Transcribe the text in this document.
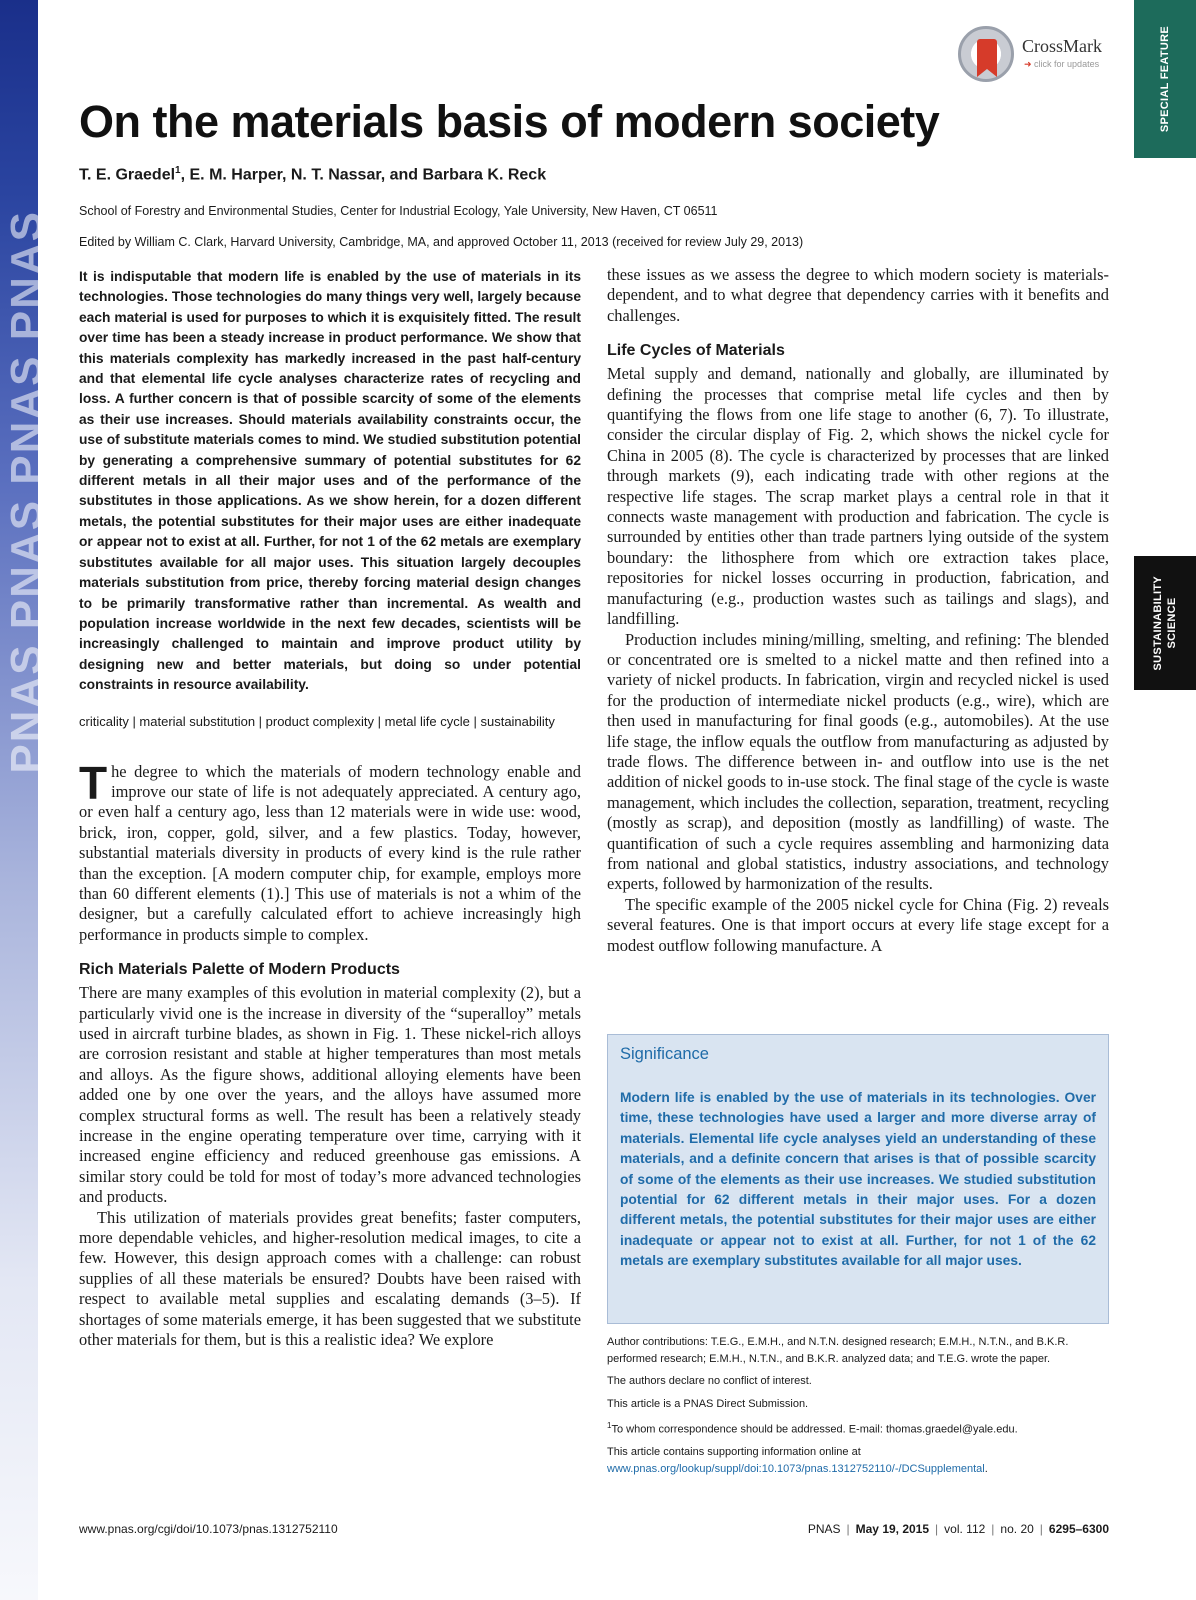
PNAS PNAS PNAS PNAS
SPECIAL FEATURE
SUSTAINABILITY SCIENCE
CrossMark
➜ click for updates
On the materials basis of modern society
T. E. Graedel$^1$, E. M. Harper, N. T. Nassar, and Barbara K. Reck
School of Forestry and Environmental Studies, Center for Industrial Ecology, Yale University, New Haven, CT 06511
Edited by William C. Clark, Harvard University, Cambridge, MA, and approved October 11, 2013 (received for review July 29, 2013)

It is indisputable that modern life is enabled by the use of materials in its technologies. Those technologies do many things very well, largely because each material is used for purposes to which it is exquisitely fitted. The result over time has been a steady increase in product performance. We show that this materials complexity has markedly increased in the past half-century and that elemental life cycle analyses characterize rates of recycling and loss. A further concern is that of possible scarcity of some of the elements as their use increases. Should materials availability constraints occur, the use of substitute materials comes to mind. We studied substitution potential by generating a comprehensive summary of potential substitutes for 62 different metals in all their major uses and of the performance of the substitutes in those applications. As we show herein, for a dozen different metals, the potential substitutes for their major uses are either inadequate or appear not to exist at all. Further, for not 1 of the 62 metals are exemplary substitutes available for all major uses. This situation largely decouples materials substitution from price, thereby forcing material design changes to be primarily transformative rather than incremental. As wealth and population increase worldwide in the next few decades, scientists will be increasingly challenged to maintain and improve product utility by designing new and better materials, but doing so under potential constraints in resource availability.

criticality | material substitution | product complexity | metal life cycle | sustainability

The degree to which the materials of modern technology enable and improve our state of life is not adequately appreciated. A century ago, or even half a century ago, less than 12 materials were in wide use: wood, brick, iron, copper, gold, silver, and a few plastics. Today, however, substantial materials diversity in products of every kind is the rule rather than the exception. [A modern computer chip, for example, employs more than 60 different elements (1).] This use of materials is not a whim of the designer, but a carefully calculated effort to achieve increasingly high performance in products simple to complex.

Rich Materials Palette of Modern Products

There are many examples of this evolution in material complexity (2), but a particularly vivid one is the increase in diversity of the “superalloy” metals used in aircraft turbine blades, as shown in Fig. 1. These nickel-rich alloys are corrosion resistant and stable at higher temperatures than most metals and alloys. As the figure shows, additional alloying elements have been added one by one over the years, and the alloys have assumed more complex structural forms as well. The result has been a relatively steady increase in the engine operating temperature over time, carrying with it increased engine efficiency and reduced greenhouse gas emissions. A similar story could be told for most of today’s more advanced technologies and products.

This utilization of materials provides great benefits; faster computers, more dependable vehicles, and higher-resolution medical images, to cite a few. However, this design approach comes with a challenge: can robust supplies of all these materials be ensured? Doubts have been raised with respect to available metal supplies and escalating demands (3–5). If shortages of some materials emerge, it has been suggested that we substitute other materials for them, but is this a realistic idea? We explore

these issues as we assess the degree to which modern society is materials-dependent, and to what degree that dependency carries with it benefits and challenges.

Life Cycles of Materials

Metal supply and demand, nationally and globally, are illuminated by defining the processes that comprise metal life cycles and then by quantifying the flows from one life stage to another (6, 7). To illustrate, consider the circular display of Fig. 2, which shows the nickel cycle for China in 2005 (8). The cycle is characterized by processes that are linked through markets (9), each indicating trade with other regions at the respective life stages. The scrap market plays a central role in that it connects waste management with production and fabrication. The cycle is surrounded by entities other than trade partners lying outside of the system boundary: the lithosphere from which ore extraction takes place, repositories for nickel losses occurring in production, fabrication, and manufacturing (e.g., production wastes such as tailings and slags), and landfilling.

Production includes mining/milling, smelting, and refining: The blended or concentrated ore is smelted to a nickel matte and then refined into a variety of nickel products. In fabrication, virgin and recycled nickel is used for the production of intermediate nickel products (e.g., wire), which are then used in manufacturing for final goods (e.g., automobiles). At the use life stage, the inflow equals the outflow from manufacturing as adjusted by trade flows. The difference between in- and outflow into use is the net addition of nickel goods to in-use stock. The final stage of the cycle is waste management, which includes the collection, separation, treatment, recycling (mostly as scrap), and deposition (mostly as landfilling) of waste. The quantification of such a cycle requires assembling and harmonizing data from national and global statistics, industry associations, and technology experts, followed by harmonization of the results.

The specific example of the 2005 nickel cycle for China (Fig. 2) reveals several features. One is that import occurs at every life stage except for a modest outflow following manufacture. A

Significance

Modern life is enabled by the use of materials in its technologies. Over time, these technologies have used a larger and more diverse array of materials. Elemental life cycle analyses yield an understanding of these materials, and a definite concern that arises is that of possible scarcity of some of the elements as their use increases. We studied substitution potential for 62 different metals in their major uses. For a dozen different metals, the potential substitutes for their major uses are either inadequate or appear not to exist at all. Further, for not 1 of the 62 metals are exemplary substitutes available for all major uses.

Author contributions: T.E.G., E.M.H., and N.T.N. designed research; E.M.H., N.T.N., and B.K.R. performed research; E.M.H., N.T.N., and B.K.R. analyzed data; and T.E.G. wrote the paper.

The authors declare no conflict of interest.

This article is a PNAS Direct Submission.

$^1$To whom correspondence should be addressed. E-mail: thomas.graedel@yale.edu.

This article contains supporting information online at www.pnas.org/lookup/suppl/doi:10.1073/pnas.1312752110/-/DCSupplemental.

www.pnas.org/cgi/doi/10.1073/pnas.1312752110	PNAS | May 19, 2015 | vol. 112 | no. 20 | 6295–6300
